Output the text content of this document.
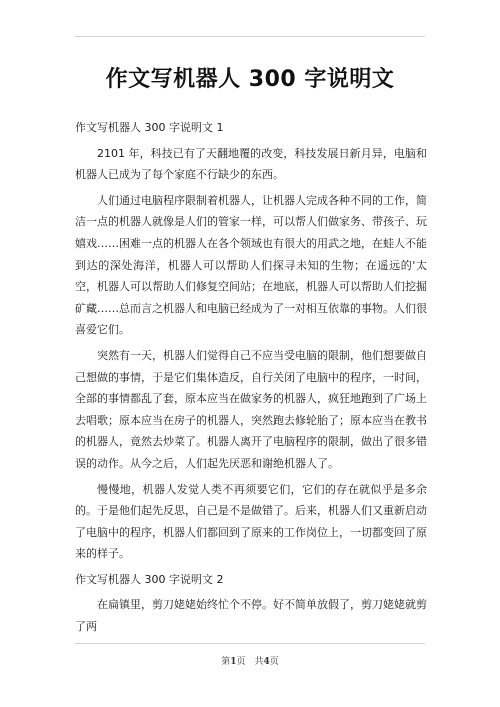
作文写机器人 300 字说明文

作文写机器人 300 字说明文 1

2101 年，科技已有了天翻地覆的改变，科技发展日新月异，电脑和机器人已成为了每个家庭不行缺少的东西。

人们通过电脑程序限制着机器人，让机器人完成各种不同的工作，简洁一点的机器人就像是人们的管家一样，可以帮人们做家务、带孩子、玩嬉戏……困难一点的机器人在各个领域也有很大的用武之地，在蛙人不能到达的深处海洋，机器人可以帮助人们探寻未知的生物；在遥远的'太空，机器人可以帮助人们修复空间站；在地底，机器人可以帮助人们挖掘矿藏……总而言之机器人和电脑已经成为了一对相互依靠的事物。人们很喜爱它们。

突然有一天，机器人们觉得自己不应当受电脑的限制，他们想要做自己想做的事情，于是它们集体造反，自行关闭了电脑中的程序，一时间，全部的事情都乱了套，原本应当在做家务的机器人，疯狂地跑到了广场上去唱歌；原本应当在房子的机器人，突然跑去修轮胎了；原本应当在教书的机器人，竟然去炒菜了。机器人离开了电脑程序的限制，做出了很多错误的动作。从今之后，人们起先厌恶和谢绝机器人了。

慢慢地，机器人发觉人类不再须要它们，它们的存在就似乎是多余的。于是他们起先反思，自己是不是做错了。后来，机器人们又重新启动了电脑中的程序，机器人们都回到了原来的工作岗位上，一切都变回了原来的样子。

作文写机器人 300 字说明文 2

在扁镇里，剪刀姥姥始终忙个不停。好不简单放假了，剪刀姥姥就剪了两

第1页　共4页
